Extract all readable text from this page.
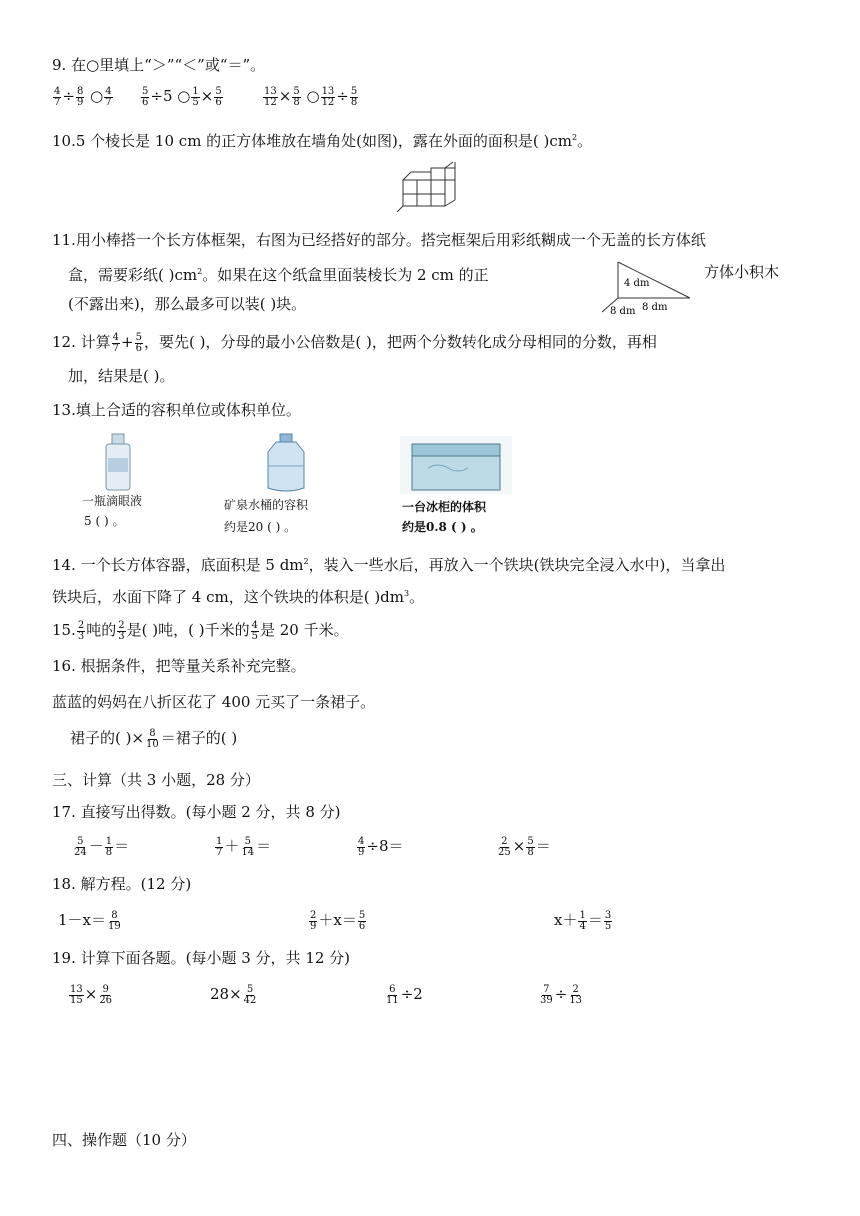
9. 在○里填上“＞”“＜”或“＝”。
$\frac{4}{7} \div \frac{8}{9}$ ○ $\frac{4}{7}$	$\frac{5}{6} \div 5$ ○ $\frac{1}{5} \times \frac{5}{6}$	$\frac{13}{12} \times \frac{5}{8}$ ○ $\frac{13}{12} \div \frac{5}{8}$
10.5 个棱长是 10 cm 的正方体堆放在墙角处(如图)，露在外面的面积是( )$cm^2$。
11.用小棒搭一个长方体框架，右图为已经搭好的部分。搭完框架后用彩纸糊成一个无盖的长方体纸
盒，需要彩纸( )$cm^2$。如果在这个纸盒里面装棱长为 2 cm 的正	方体小积木
(不露出来)，那么最多可以装( )块。
4 dm
8 dm 8 dm
12. 计算 $\frac{4}{7} + \frac{5}{6}$ ，要先( )，分母的最小公倍数是( )，把两个分数转化成分母相同的分数，再相
加，结果是( )。
13.填上合适的容积单位或体积单位。
一瓶滴眼液
5 ( ) 。
矿泉水桶的容积
约是20 ( ) 。
一台冰柜的体积
约是0.8 ( ) 。
14. 一个长方体容器，底面积是 5 $dm^2$，装入一些水后，再放入一个铁块(铁块完全浸入水中)，当拿出
铁块后，水面下降了 4 cm，这个铁块的体积是( )$dm^3$。
15. $\frac{2}{3}$ 吨的 $\frac{2}{3}$ 是( )吨，( )千米的 $\frac{4}{5}$ 是 20 千米。
16. 根据条件，把等量关系补充完整。
蓝蓝的妈妈在八折区花了 400 元买了一条裙子。
裙子的( )× $\frac{8}{10}$ ＝裙子的( )
三、计算（共 3 小题，28 分）
17. 直接写出得数。(每小题 2 分，共 8 分)
$\frac{5}{24} - \frac{1}{8}$ ＝	$\frac{1}{7} + \frac{5}{14}$ ＝	$\frac{4}{9} \div 8=$	$\frac{2}{25} \times \frac{5}{8}$ ＝
18. 解方程。(12 分)
$1-x= \frac{8}{19}$	$\frac{2}{9} +x= \frac{5}{6}$	$x+ \frac{1}{4} = \frac{3}{5}$
19. 计算下面各题。(每小题 3 分，共 12 分)
$\frac{13}{15} \times \frac{9}{26}$	$28\times \frac{5}{42}$	$\frac{6}{11} \div 2$	$\frac{7}{39} \div \frac{2}{13}$
四、操作题（10 分）
